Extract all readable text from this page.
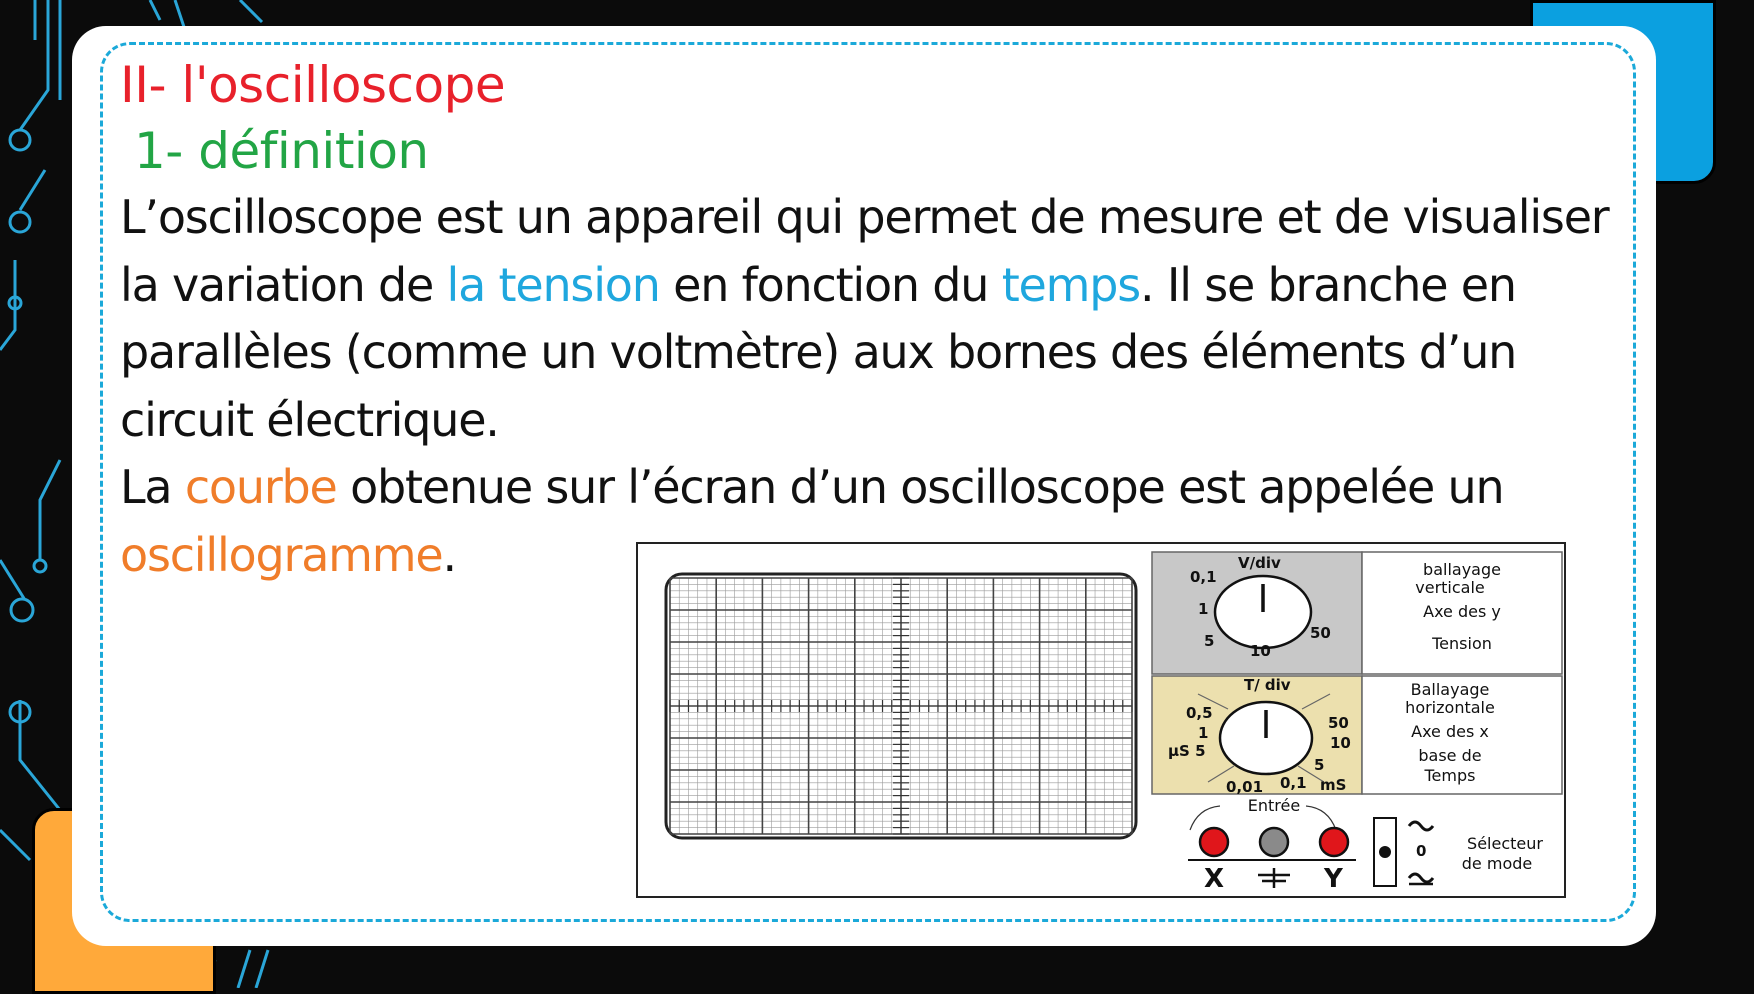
II- l'oscilloscope

1- définition

L’oscilloscope est un appareil qui permet de mesure et de visualiser la variation de la tension en fonction du temps. Il se branche en parallèles (comme un voltmètre) aux bornes des éléments d’un circuit électrique.

La courbe obtenue sur l’écran d’un oscilloscope est appelée un oscillogramme.	V/div
0,1
1
5
10
50
ballayage
verticale
Axe des y
Tension
T/ div
0,5
1
μS 5
50
10
5
0,01 0,1 mS
Ballayage
horizontale
Axe des x
base de
Temps
Entrée
X	Y
0	Sélecteur
de mode
